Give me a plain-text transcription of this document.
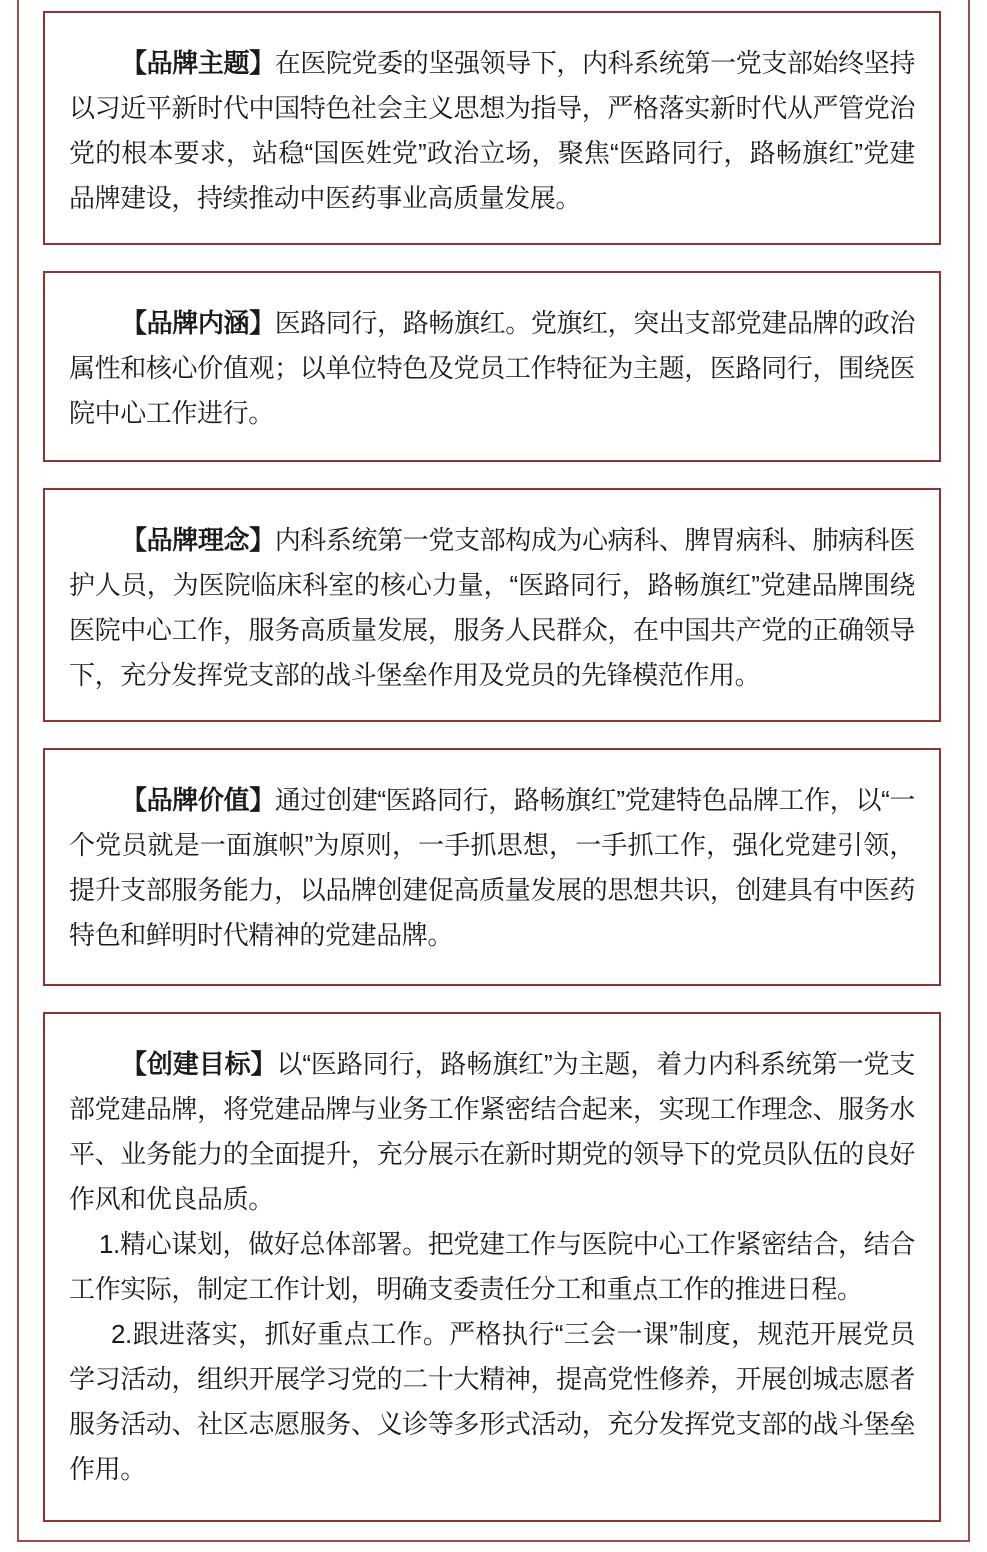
【品牌主题】在医院党委的坚强领导下，内科系统第一党支部始终坚持以习近平新时代中国特色社会主义思想为指导，严格落实新时代从严管党治党的根本要求，站稳“国医姓党”政治立场，聚焦“医路同行，路畅旗红”党建品牌建设，持续推动中医药事业高质量发展。

【品牌内涵】医路同行，路畅旗红。党旗红，突出支部党建品牌的政治属性和核心价值观；以单位特色及党员工作特征为主题，医路同行，围绕医院中心工作进行。

【品牌理念】内科系统第一党支部构成为心病科、脾胃病科、肺病科医护人员，为医院临床科室的核心力量，“医路同行，路畅旗红”党建品牌围绕医院中心工作，服务高质量发展，服务人民群众，在中国共产党的正确领导下，充分发挥党支部的战斗堡垒作用及党员的先锋模范作用。

【品牌价值】通过创建“医路同行，路畅旗红”党建特色品牌工作，以“一个党员就是一面旗帜”为原则，一手抓思想，一手抓工作，强化党建引领，提升支部服务能力，以品牌创建促高质量发展的思想共识，创建具有中医药特色和鲜明时代精神的党建品牌。

【创建目标】以“医路同行，路畅旗红”为主题，着力内科系统第一党支部党建品牌，将党建品牌与业务工作紧密结合起来，实现工作理念、服务水平、业务能力的全面提升，充分展示在新时期党的领导下的党员队伍的良好作风和优良品质。

1.精心谋划，做好总体部署。把党建工作与医院中心工作紧密结合，结合工作实际，制定工作计划，明确支委责任分工和重点工作的推进日程。

2.跟进落实，抓好重点工作。严格执行“三会一课”制度，规范开展党员学习活动，组织开展学习党的二十大精神，提高党性修养，开展创城志愿者服务活动、社区志愿服务、义诊等多形式活动，充分发挥党支部的战斗堡垒作用。
